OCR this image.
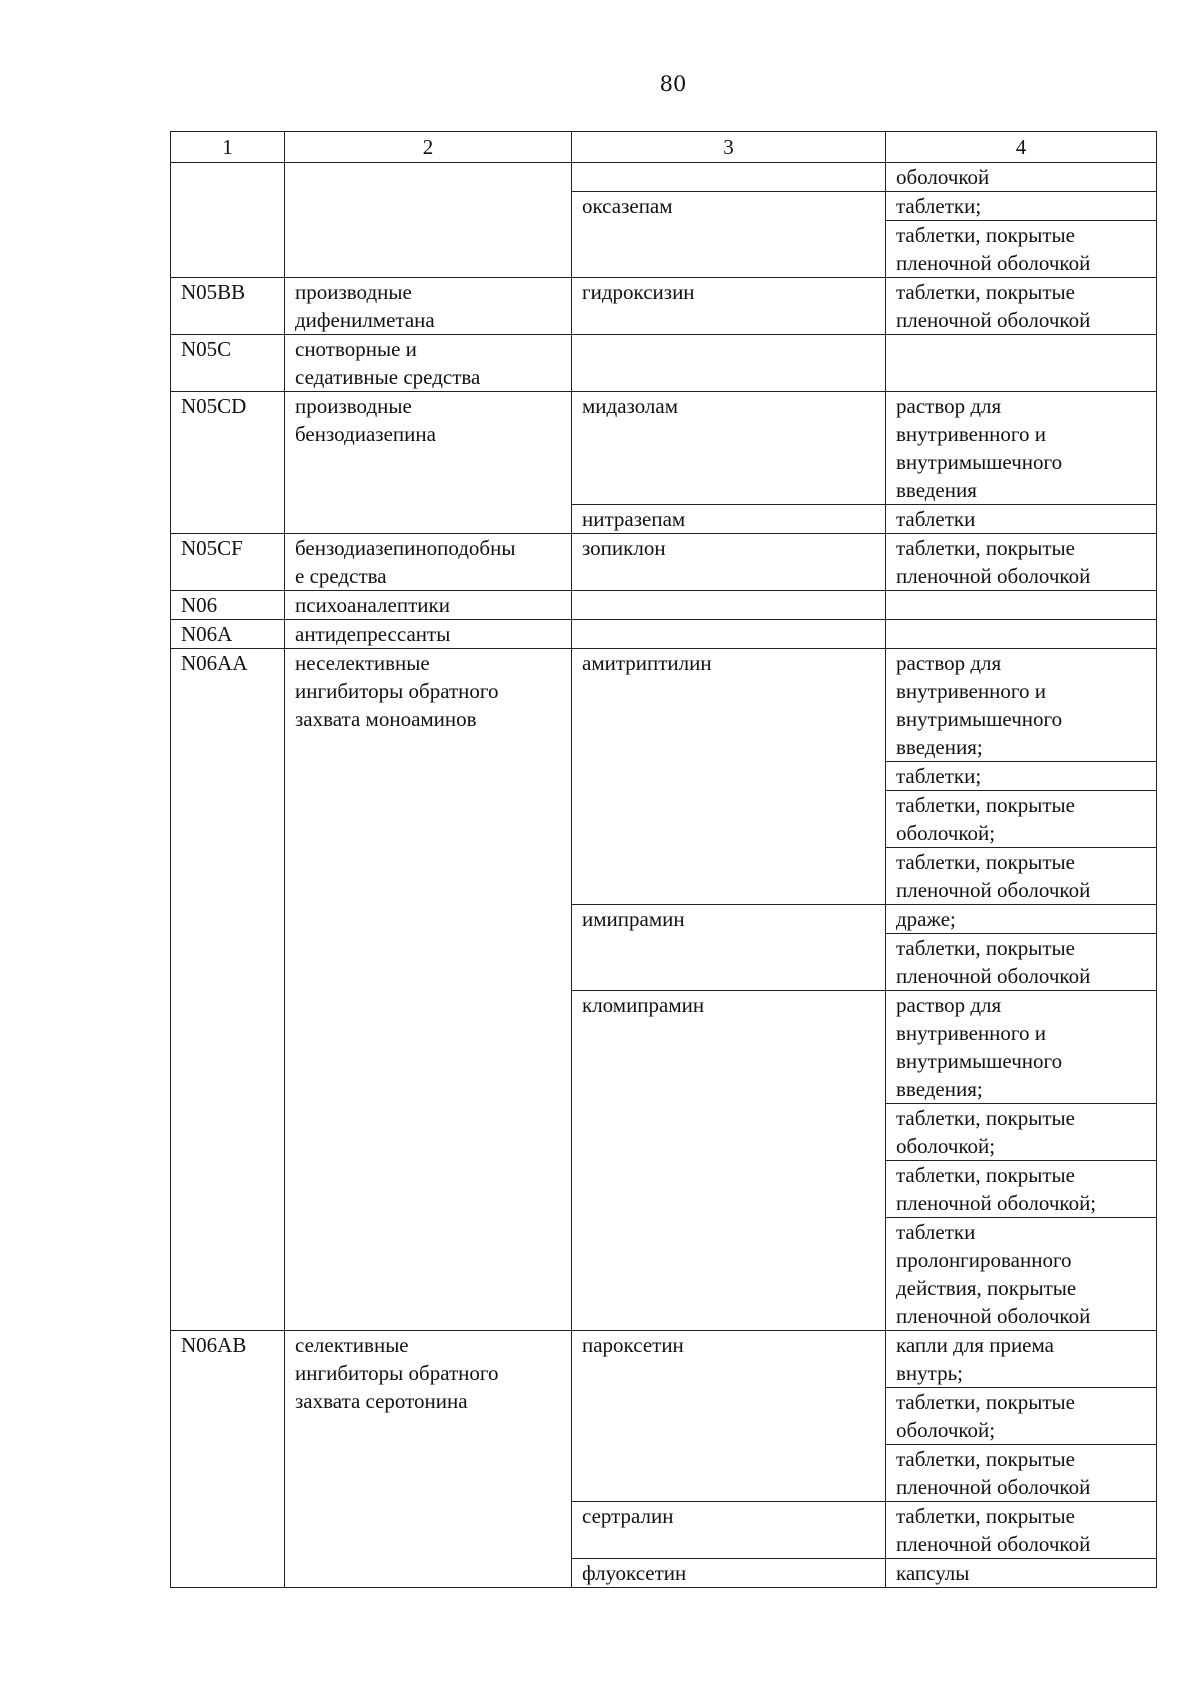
80
1	2	3	4

			оболочкой

		оксазепам	таблетки;

			таблетки, покрытые
пленочной оболочкой

N05BB	производные
дифенилметана	гидроксизин	таблетки, покрытые
пленочной оболочкой

N05C	снотворные и
седативные средства		

N05CD	производные
бензодиазепина	мидазолам	раствор для
внутривенного и
внутримышечного
введения

		нитразепам	таблетки

N05CF	бензодиазепиноподобны
е средства	зопиклон	таблетки, покрытые
пленочной оболочкой

N06	психоаналептики		

N06A	антидепрессанты		

N06AA	неселективные
ингибиторы обратного
захвата моноаминов	амитриптилин	раствор для
внутривенного и
внутримышечного
введения;

			таблетки;

			таблетки, покрытые
оболочкой;

			таблетки, покрытые
пленочной оболочкой

		имипрамин	драже;

			таблетки, покрытые
пленочной оболочкой

		кломипрамин	раствор для
внутривенного и
внутримышечного
введения;

			таблетки, покрытые
оболочкой;

			таблетки, покрытые
пленочной оболочкой;

			таблетки
пролонгированного
действия, покрытые
пленочной оболочкой

N06AB	селективные
ингибиторы обратного
захвата серотонина	пароксетин	капли для приема
внутрь;

			таблетки, покрытые
оболочкой;

			таблетки, покрытые
пленочной оболочкой

		сертралин	таблетки, покрытые
пленочной оболочкой

		флуоксетин	капсулы
